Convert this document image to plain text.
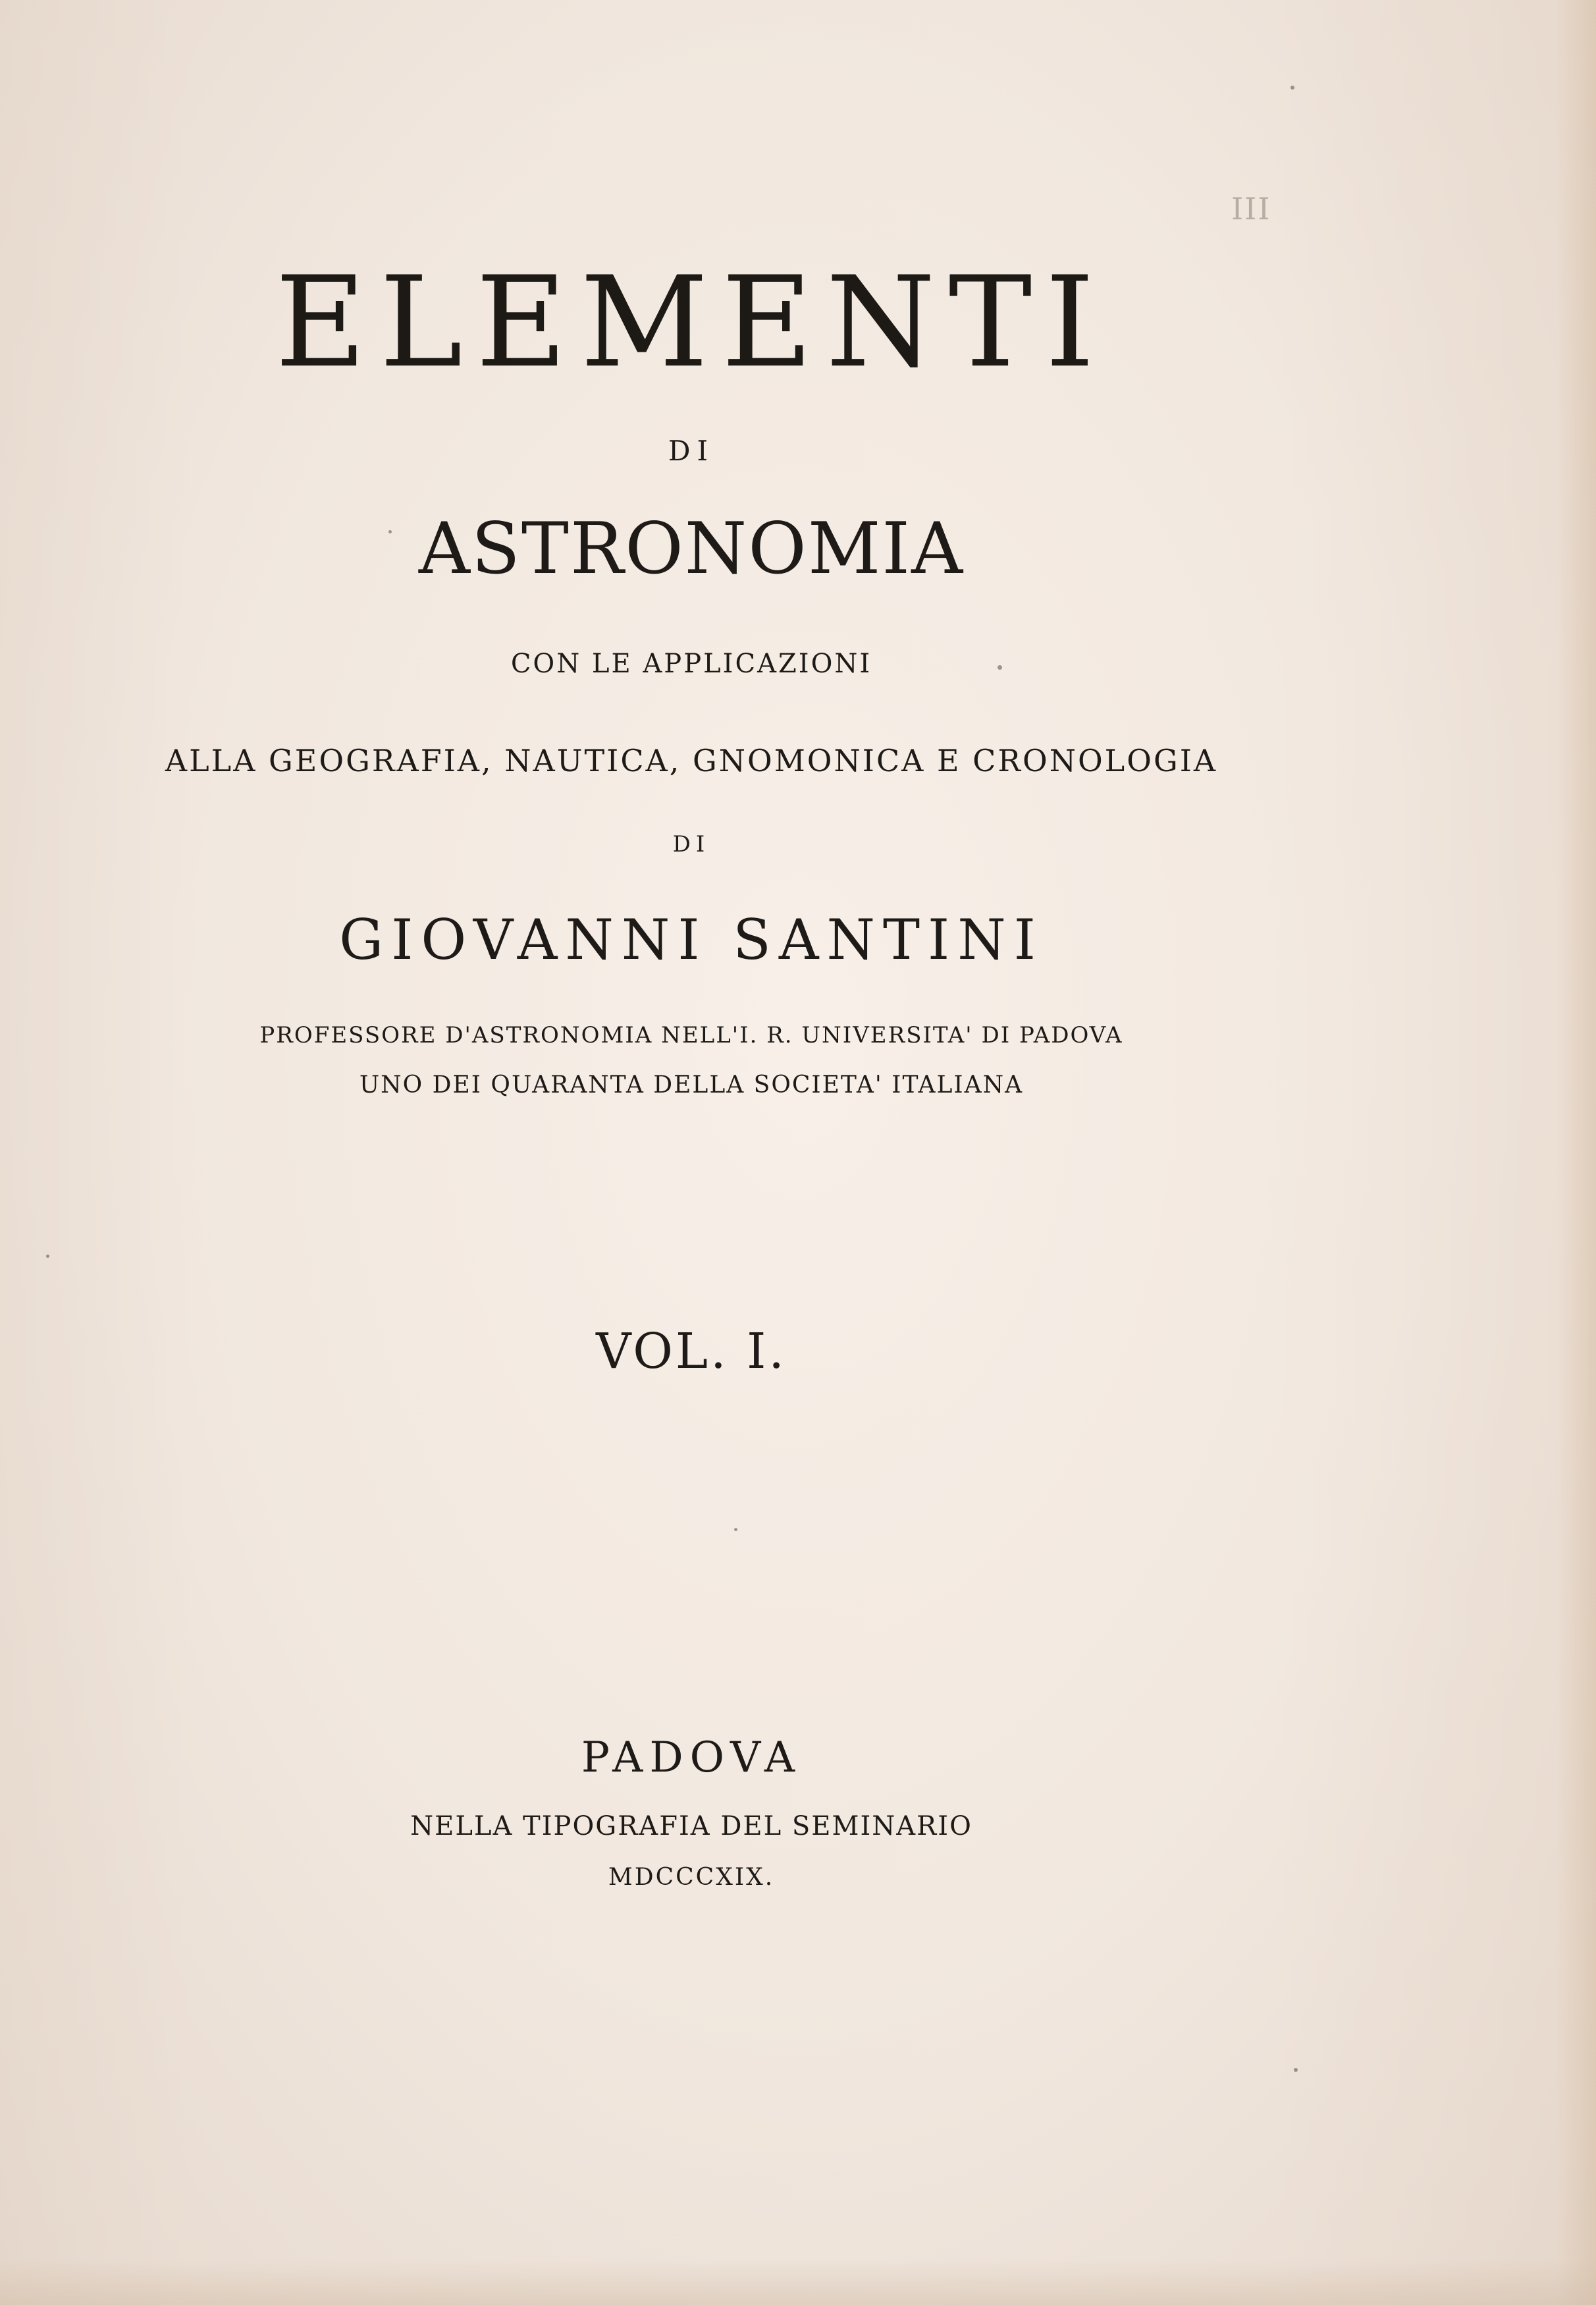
III
ELEMENTI
DI
ASTRONOMIA
CON LE APPLICAZIONI
ALLA GEOGRAFIA, NAUTICA, GNOMONICA E CRONOLOGIA
DI
GIOVANNI SANTINI
PROFESSORE D'ASTRONOMIA NELL'I. R. UNIVERSITA' DI PADOVA
UNO DEI QUARANTA DELLA SOCIETA' ITALIANA
VOL. I.
PADOVA
NELLA TIPOGRAFIA DEL SEMINARIO
MDCCCXIX.
